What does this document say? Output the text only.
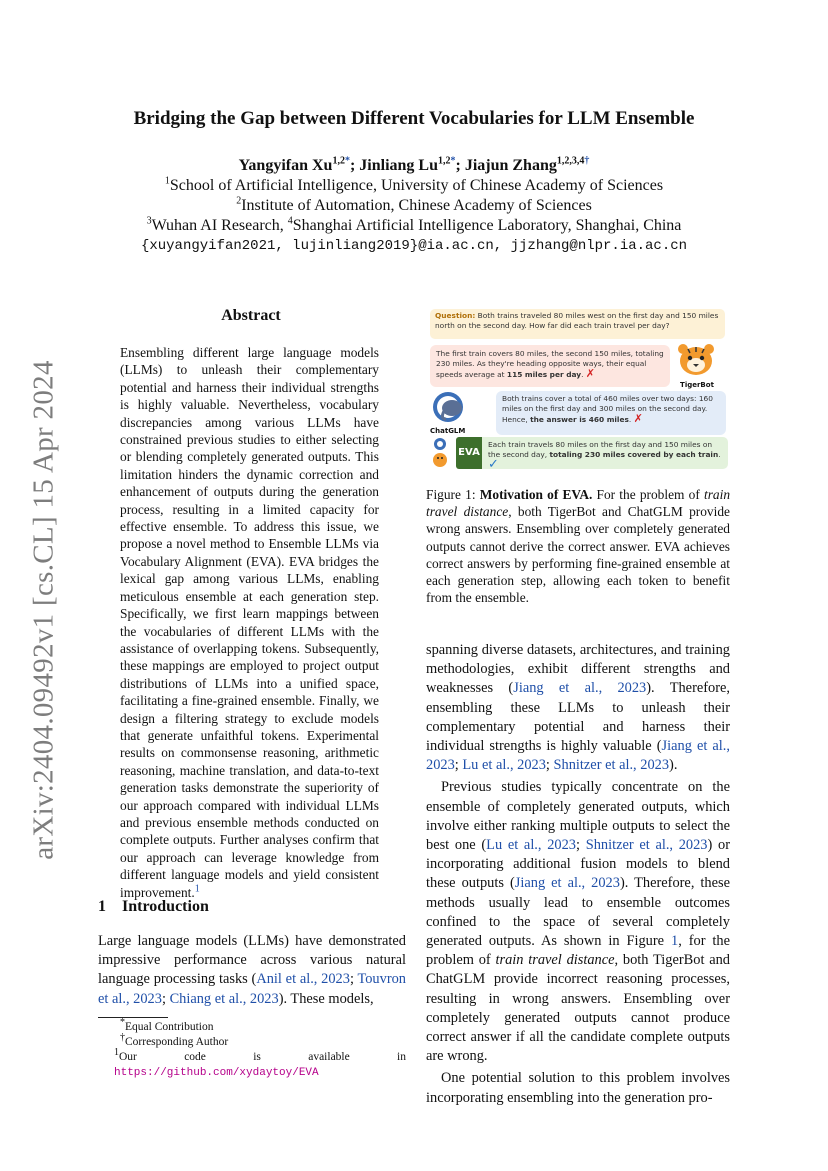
arXiv:2404.09492v1 [cs.CL] 15 Apr 2024
Bridging the Gap between Different Vocabularies for LLM Ensemble
Yangyifan $Xu^{1,2*}$; Jinliang $Lu^{1,2*}$; Jiajun Zhang$^{1,2,3,4\dagger}$
$^1$School of Artificial Intelligence, University of Chinese Academy of Sciences
$^2$Institute of Automation, Chinese Academy of Sciences
$^3$Wuhan AI Research, $^4$Shanghai Artificial Intelligence Laboratory, Shanghai, China
{xuyangyifan2021, lujinliang2019}@ia.ac.cn, jjzhang@nlpr.ia.ac.cn
Abstract
Ensembling different large language models (LLMs) to unleash their complementary potential and harness their individual strengths is highly valuable. Nevertheless, vocabulary discrepancies among various LLMs have constrained previous studies to either selecting or blending completely generated outputs. This limitation hinders the dynamic correction and enhancement of outputs during the generation process, resulting in a limited capacity for effective ensemble. To address this issue, we propose a novel method to Ensemble LLMs via Vocabulary Alignment (EVA). EVA bridges the lexical gap among various LLMs, enabling meticulous ensemble at each generation step. Specifically, we first learn mappings between the vocabularies of different LLMs with the assistance of overlapping tokens. Subsequently, these mappings are employed to project output distributions of LLMs into a unified space, facilitating a fine-grained ensemble. Finally, we design a filtering strategy to exclude models that generate unfaithful tokens. Experimental results on commonsense reasoning, arithmetic reasoning, machine translation, and data-to-text generation tasks demonstrate the superiority of our approach compared with individual LLMs and previous ensemble methods conducted on complete outputs. Further analyses confirm that our approach can leverage knowledge from different language models and yield consistent improvement.$^1$
1 Introduction
Large language models (LLMs) have demonstrated impressive performance across various natural language processing tasks (Anil et al., 2023; Touvron et al., 2023; Chiang et al., 2023). These models,
*Equal Contribution
†Corresponding Author
$^1$Our code is available in https://github.com/xydaytoy/EVA
Question: Both trains traveled 80 miles west on the first day and 150 miles north on the second day. How far did each train travel per day?
The first train covers 80 miles, the second 150 miles, totaling 230 miles. As they're heading opposite ways, their equal speeds average at 115 miles per day. ✗
TigerBot
ChatGLM
Both trains cover a total of 460 miles over two days: 160 miles on the first day and 300 miles on the second day. Hence, the answer is 460 miles. ✗
EVA
Each train travels 80 miles on the first day and 150 miles on the second day, totaling 230 miles covered by each train. ✓
Figure 1: Motivation of EVA. For the problem of train travel distance, both TigerBot and ChatGLM provide wrong answers. Ensembling over completely generated outputs cannot derive the correct answer. EVA achieves correct answers by performing fine-grained ensemble at each generation step, allowing each token to benefit from the ensemble.

spanning diverse datasets, architectures, and training methodologies, exhibit different strengths and weaknesses (Jiang et al., 2023). Therefore, ensembling these LLMs to unleash their complementary potential and harness their individual strengths is highly valuable (Jiang et al., 2023; Lu et al., 2023; Shnitzer et al., 2023).

Previous studies typically concentrate on the ensemble of completely generated outputs, which involve either ranking multiple outputs to select the best one (Lu et al., 2023; Shnitzer et al., 2023) or incorporating additional fusion models to blend these outputs (Jiang et al., 2023). Therefore, these methods usually lead to ensemble outcomes confined to the space of several completely generated outputs. As shown in Figure 1, for the problem of train travel distance, both TigerBot and ChatGLM provide incorrect reasoning processes, resulting in wrong answers. Ensembling over completely generated outputs cannot produce correct answer if all the candidate complete outputs are wrong.

One potential solution to this problem involves incorporating ensembling into the generation pro-
